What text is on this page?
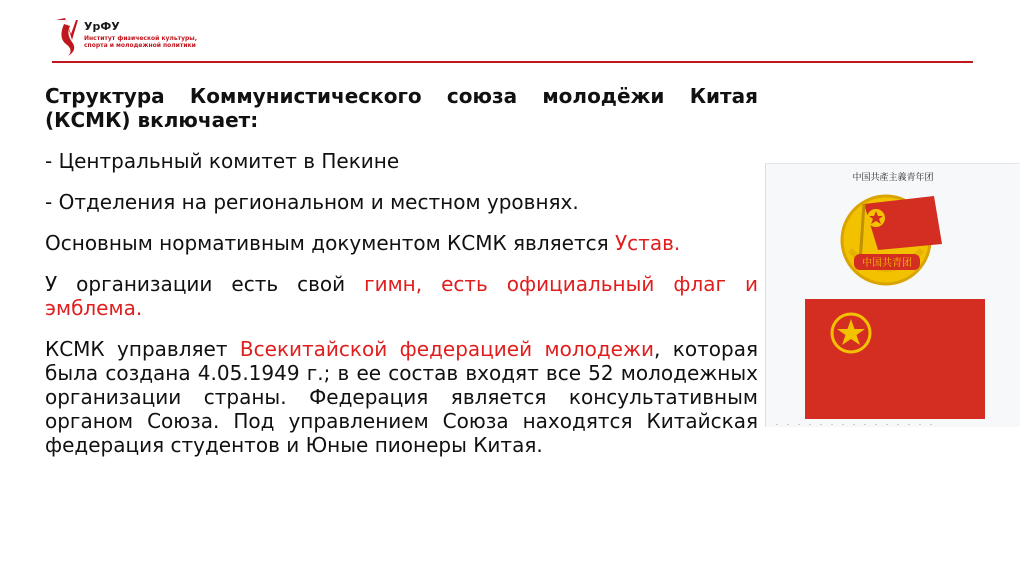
УрФУ
Институт физической культуры, спорта и молодежной политики

Структура Коммунистического союза молодёжи Китая (КСМК) включает:

- Центральный комитет в Пекине

- Отделения на региональном и местном уровнях.

Основным нормативным документом КСМК является Устав.

У организации есть свой гимн, есть официальный флаг и эмблема.

КСМК управляет Всекитайской федерацией молодежи, которая была создана 4.05.1949 г.; в ее состав входят все 52 молодежных организации страны. Федерация является консультативным органом Союза. Под управлением Союза находятся Китайская федерация студентов и Юные пионеры Китая.

中国共產主義青年团
中国共青团
